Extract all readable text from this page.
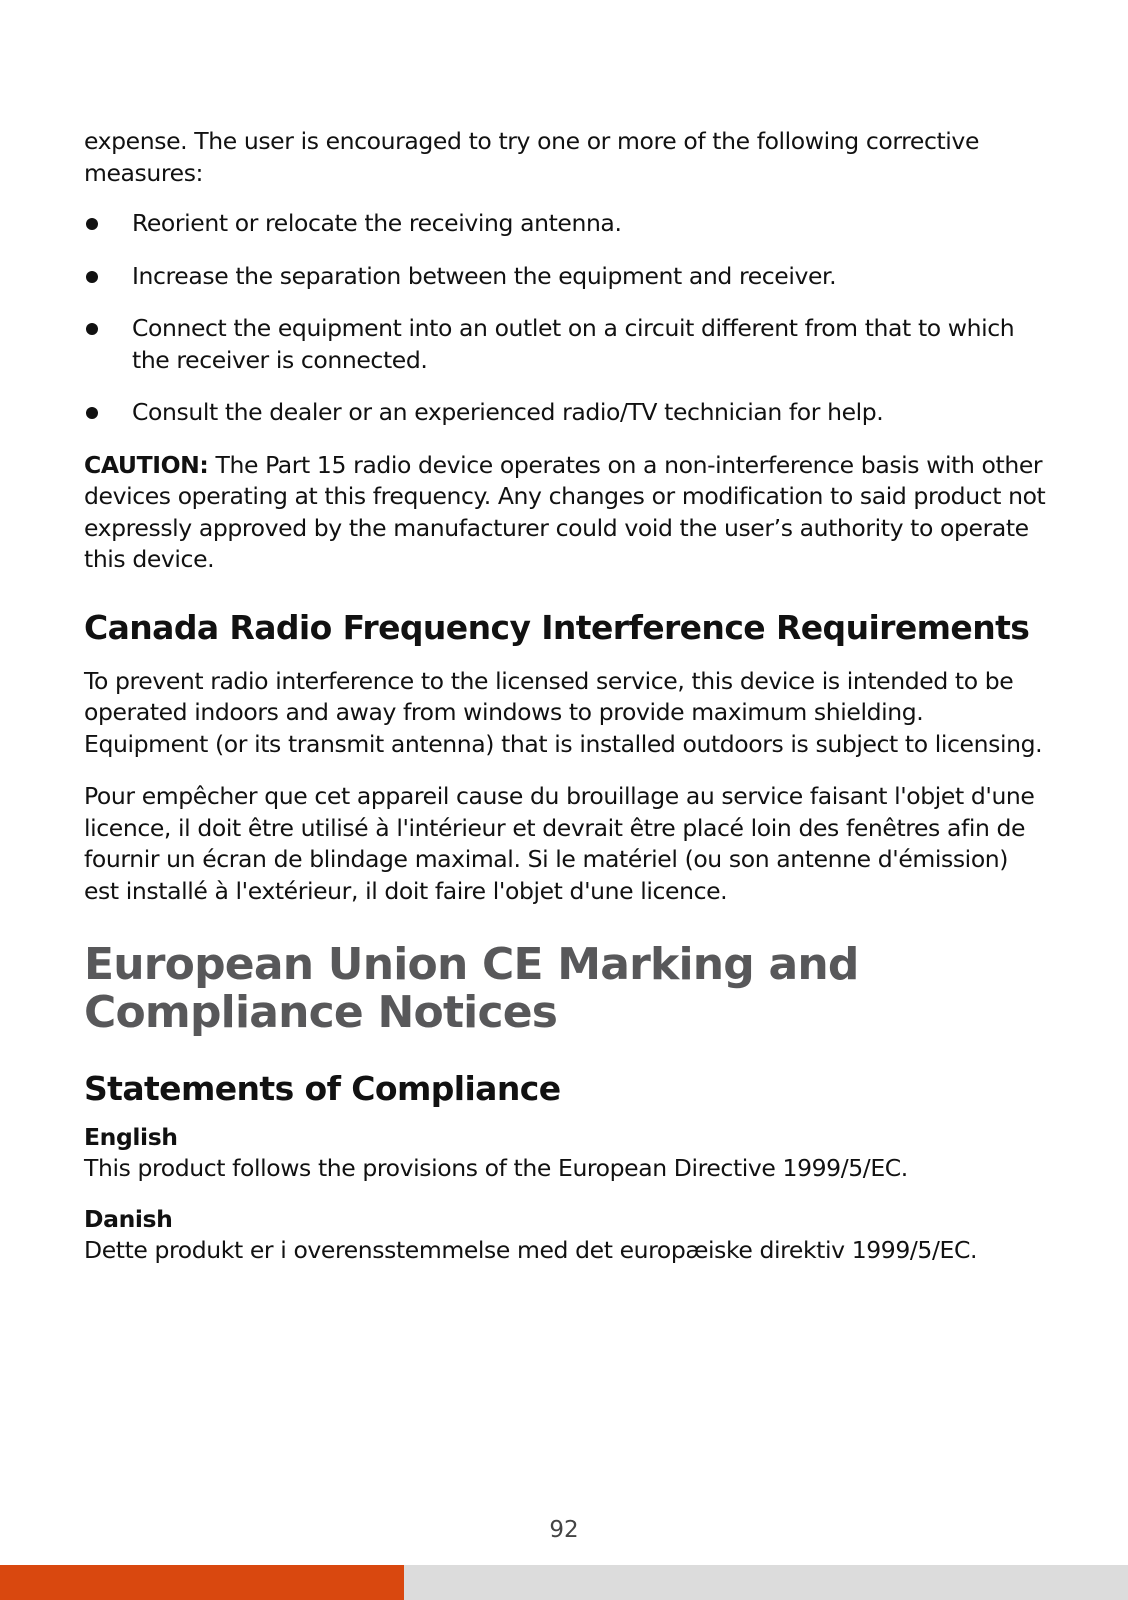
expense. The user is encouraged to try one or more of the following corrective measures:

Reorient or relocate the receiving antenna.
Increase the separation between the equipment and receiver.
Connect the equipment into an outlet on a circuit different from that to which the receiver is connected.
Consult the dealer or an experienced radio/TV technician for help.

CAUTION: The Part 15 radio device operates on a non-interference basis with other devices operating at this frequency. Any changes or modification to said product not expressly approved by the manufacturer could void the user’s authority to operate this device.

Canada Radio Frequency Interference Requirements

To prevent radio interference to the licensed service, this device is intended to be operated indoors and away from windows to provide maximum shielding. Equipment (or its transmit antenna) that is installed outdoors is subject to licensing.

Pour empêcher que cet appareil cause du brouillage au service faisant l'objet d'une licence, il doit être utilisé à l'intérieur et devrait être placé loin des fenêtres afin de fournir un écran de blindage maximal. Si le matériel (ou son antenne d'émission) est installé à l'extérieur, il doit faire l'objet d'une licence.

European Union CE Marking and Compliance Notices
Statements of Compliance
English

This product follows the provisions of the European Directive 1999/5/EC.

Danish

Dette produkt er i overensstemmelse med det europæiske direktiv 1999/5/EC.

92
